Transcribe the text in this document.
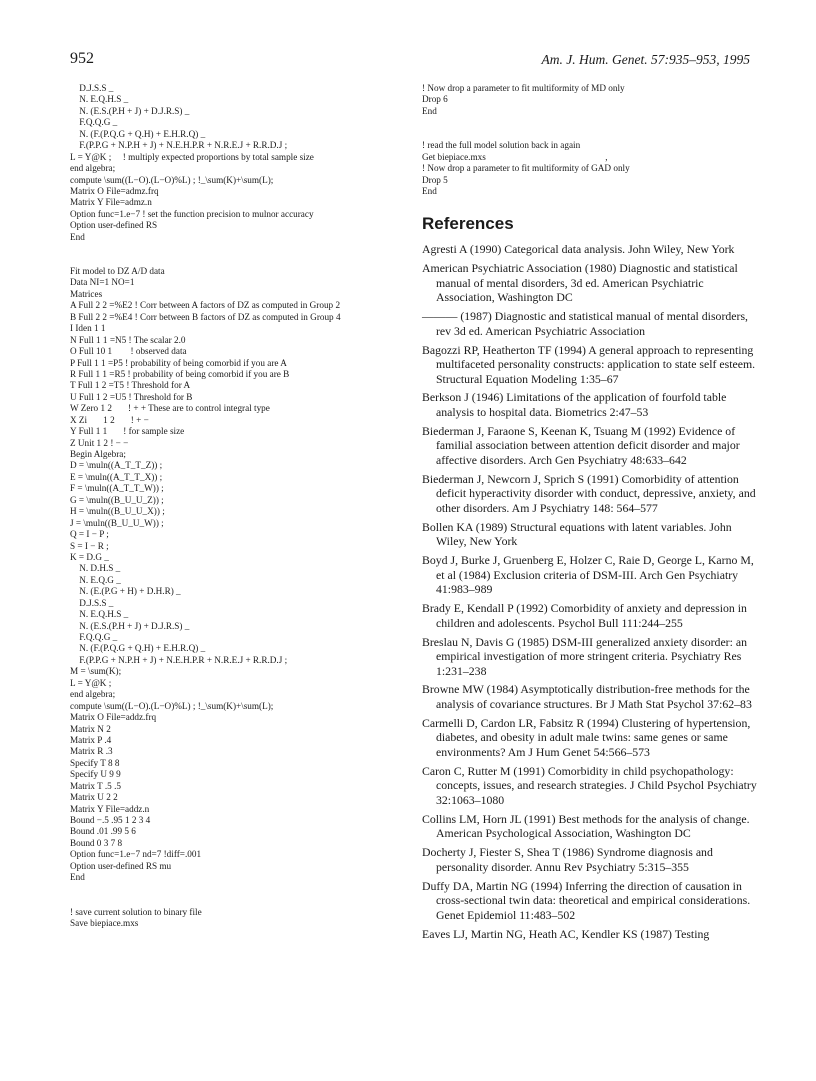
952	Am. J. Hum. Genet. 57:935–953, 1995
D.J.S.S _
N. E.Q.H.S _
N. (E.S.(P.H + J) + D.J.R.S) _
F.Q.Q.G _
N. (F.(P.Q.G + Q.H) + E.H.R.Q) _
F.(P.P.G + N.P.H + J) + N.E.H.P.R + N.R.E.J + R.R.D.J ;
L = Y@K ;     ! multiply expected proportions by total sample size
end algebra;
compute \sum((L−O).(L−O)%L) ; !_\sum(K)+\sum(L);
Matrix O File=admz.frq
Matrix Y File=admz.n
Option func=1.e−7 ! set the function precision to mulnor accuracy
Option user-defined RS
End

Fit model to DZ A/D data
Data NI=1 NO=1
Matrices
A Full 2 2 =%E2 ! Corr between A factors of DZ as computed in Group 2
B Full 2 2 =%E4 ! Corr between B factors of DZ as computed in Group 4
I Iden 1 1
N Full 1 1 =N5 ! The scalar 2.0
O Full 10 1        ! observed data
P Full 1 1 =P5 ! probability of being comorbid if you are A
R Full 1 1 =R5 ! probability of being comorbid if you are B
T Full 1 2 =T5 ! Threshold for A
U Full 1 2 =U5 ! Threshold for B
W Zero 1 2       ! + + These are to control integral type
X Zi       1 2       ! + −
Y Full 1 1       ! for sample size
Z Unit 1 2 ! − −
Begin Algebra;
D = \muln((A_T_T_Z)) ;
E = \muln((A_T_T_X)) ;
F = \muln((A_T_T_W)) ;
G = \muln((B_U_U_Z)) ;
H = \muln((B_U_U_X)) ;
J = \muln((B_U_U_W)) ;
Q = I − P ;
S = I − R ;
K = D.G _
N. D.H.S _
N. E.Q.G _
N. (E.(P.G + H) + D.H.R) _
D.J.S.S _
N. E.Q.H.S _
N. (E.S.(P.H + J) + D.J.R.S) _
F.Q.Q.G _
N. (F.(P.Q.G + Q.H) + E.H.R.Q) _
F.(P.P.G + N.P.H + J) + N.E.H.P.R + N.R.E.J + R.R.D.J ;
M = \sum(K);
L = Y@K ;
end algebra;
compute \sum((L−O).(L−O)%L) ; !_\sum(K)+\sum(L);
Matrix O File=addz.frq
Matrix N 2
Matrix P .4
Matrix R .3
Specify T 8 8
Specify U 9 9
Matrix T .5 .5
Matrix U 2 2
Matrix Y File=addz.n
Bound −.5 .95 1 2 3 4
Bound .01 .99 5 6
Bound 0 3 7 8
Option func=1.e−7 nd=7 !diff=.001
Option user-defined RS mu
End

! save current solution to binary file
Save biepiace.mxs
! Now drop a parameter to fit multiformity of MD only
Drop 6
End

! read the full model solution back in again
Get biepiace.mxs                                                    ,
! Now drop a parameter to fit multiformity of GAD only
Drop 5
End
References

Agresti A (1990) Categorical data analysis. John Wiley, New York

American Psychiatric Association (1980) Diagnostic and statistical manual of mental disorders, 3d ed. American Psychiatric Association, Washington DC

——— (1987) Diagnostic and statistical manual of mental disorders, rev 3d ed. American Psychiatric Association

Bagozzi RP, Heatherton TF (1994) A general approach to representing multifaceted personality constructs: application to state self esteem. Structural Equation Modeling 1:35–67

Berkson J (1946) Limitations of the application of fourfold table analysis to hospital data. Biometrics 2:47–53

Biederman J, Faraone S, Keenan K, Tsuang M (1992) Evidence of familial association between attention deficit disorder and major affective disorders. Arch Gen Psychiatry 48:633–642

Biederman J, Newcorn J, Sprich S (1991) Comorbidity of attention deficit hyperactivity disorder with conduct, depressive, anxiety, and other disorders. Am J Psychiatry 148: 564–577

Bollen KA (1989) Structural equations with latent variables. John Wiley, New York

Boyd J, Burke J, Gruenberg E, Holzer C, Raie D, George L, Karno M, et al (1984) Exclusion criteria of DSM-III. Arch Gen Psychiatry 41:983–989

Brady E, Kendall P (1992) Comorbidity of anxiety and depression in children and adolescents. Psychol Bull 111:244–255

Breslau N, Davis G (1985) DSM-III generalized anxiety disorder: an empirical investigation of more stringent criteria. Psychiatry Res 1:231–238

Browne MW (1984) Asymptotically distribution-free methods for the analysis of covariance structures. Br J Math Stat Psychol 37:62–83

Carmelli D, Cardon LR, Fabsitz R (1994) Clustering of hypertension, diabetes, and obesity in adult male twins: same genes or same environments? Am J Hum Genet 54:566–573

Caron C, Rutter M (1991) Comorbidity in child psychopathology: concepts, issues, and research strategies. J Child Psychol Psychiatry 32:1063–1080

Collins LM, Horn JL (1991) Best methods for the analysis of change. American Psychological Association, Washington DC

Docherty J, Fiester S, Shea T (1986) Syndrome diagnosis and personality disorder. Annu Rev Psychiatry 5:315–355

Duffy DA, Martin NG (1994) Inferring the direction of causation in cross-sectional twin data: theoretical and empirical considerations. Genet Epidemiol 11:483–502

Eaves LJ, Martin NG, Heath AC, Kendler KS (1987) Testing
